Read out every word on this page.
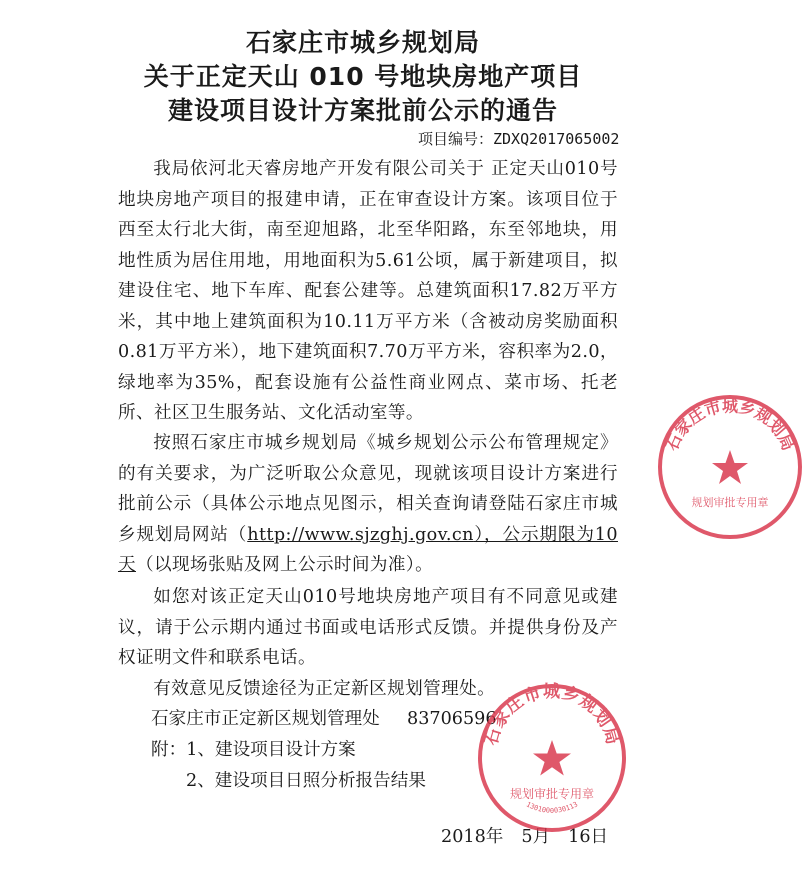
石家庄市城乡规划局
关于正定天山 010 号地块房地产项目
建设项目设计方案批前公示的通告
项目编号：ZDXQ2017065002

我局依河北天睿房地产开发有限公司关于 正定天山010号地块房地产项目的报建申请，正在审查设计方案。该项目位于西至太行北大街，南至迎旭路，北至华阳路，东至邻地块，用地性质为居住用地，用地面积为5.61公顷，属于新建项目，拟建设住宅、地下车库、配套公建等。总建筑面积17.82万平方米，其中地上建筑面积为10.11万平方米（含被动房奖励面积0.81万平方米），地下建筑面积7.70万平方米，容积率为2.0，绿地率为35%，配套设施有公益性商业网点、菜市场、托老所、社区卫生服务站、文化活动室等。

按照石家庄市城乡规划局《城乡规划公示公布管理规定》的有关要求，为广泛听取公众意见，现就该项目设计方案进行批前公示（具体公示地点见图示，相关查询请登陆石家庄市城乡规划局网站（http://www.sjzghj.gov.cn），公示期限为10天（以现场张贴及网上公示时间为准）。

如您对该正定天山010号地块房地产项目有不同意见或建议，请于公示期内通过书面或电话形式反馈。并提供身份及产权证明文件和联系电话。

有效意见反馈途径为正定新区规划管理处。

石家庄市正定新区规划管理处 83706596
附：1、建设项目设计方案
2、建设项目日照分析报告结果
2018年 5月 16日
石家庄市城乡规划局
规划审批专用章
1301000030113
石家庄市城乡规划局
规划审批专用章
